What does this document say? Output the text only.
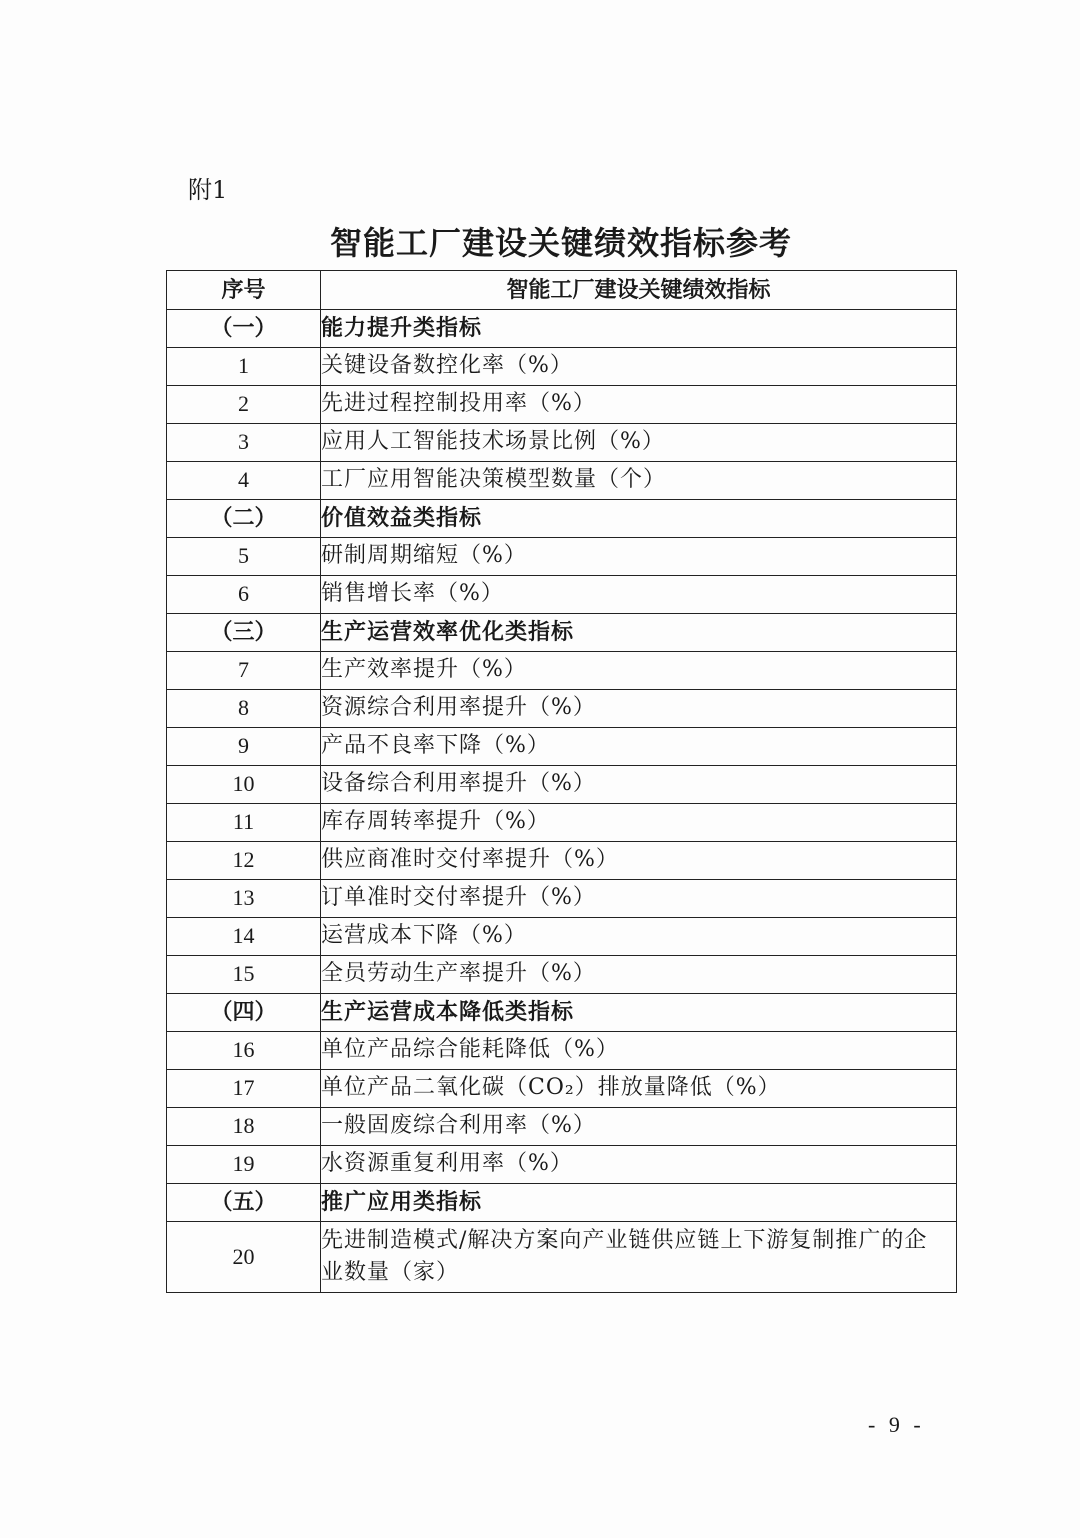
附1
智能工厂建设关键绩效指标参考
序号	智能工厂建设关键绩效指标
（一）	能力提升类指标
1	关键设备数控化率（%）
2	先进过程控制投用率（%）
3	应用人工智能技术场景比例（%）
4	工厂应用智能决策模型数量（个）
（二）	价值效益类指标
5	研制周期缩短（%）
6	销售增长率（%）
（三）	生产运营效率优化类指标
7	生产效率提升（%）
8	资源综合利用率提升（%）
9	产品不良率下降（%）
10	设备综合利用率提升（%）
11	库存周转率提升（%）
12	供应商准时交付率提升（%）
13	订单准时交付率提升（%）
14	运营成本下降（%）
15	全员劳动生产率提升（%）
（四）	生产运营成本降低类指标
16	单位产品综合能耗降低（%）
17	单位产品二氧化碳（CO₂）排放量降低（%）
18	一般固废综合利用率（%）
19	水资源重复利用率（%）
（五）	推广应用类指标
20	先进制造模式/解决方案向产业链供应链上下游复制推广的企业数量（家）
- 9 -
